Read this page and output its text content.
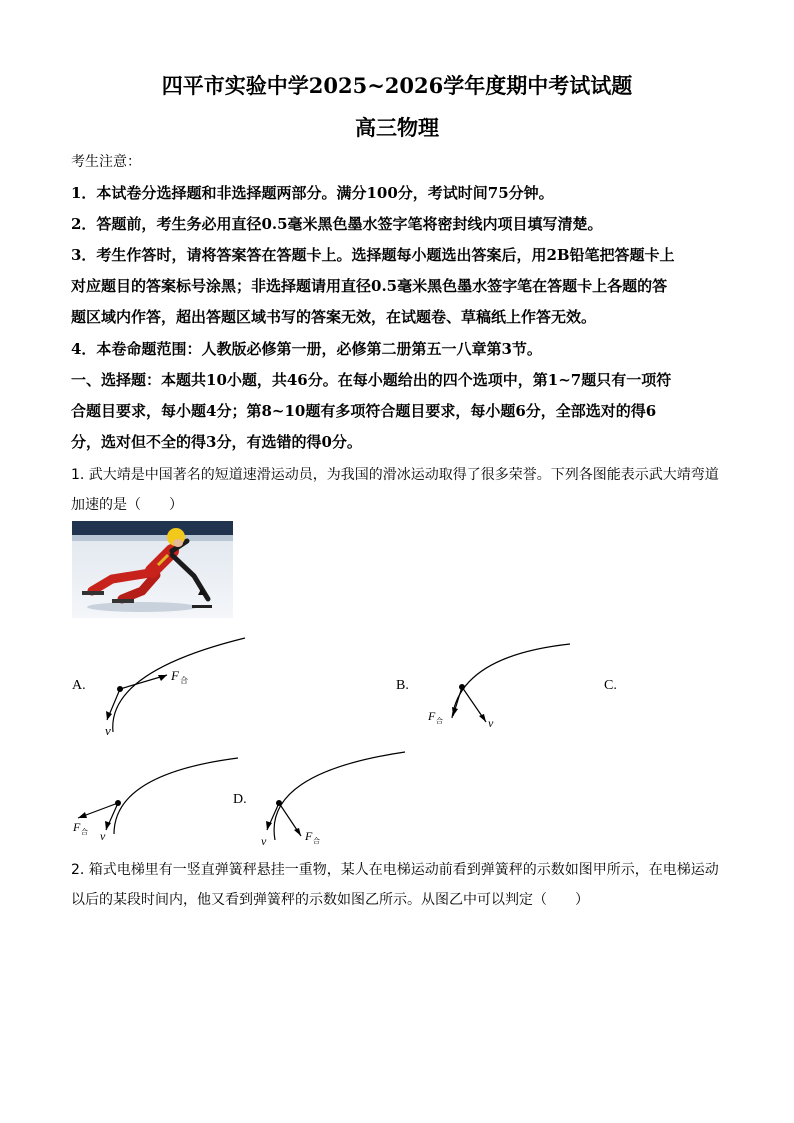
四平市实验中学2025~2026学年度期中考试试题
高三物理
考生注意：
1．本试卷分选择题和非选择题两部分。满分100分，考试时间75分钟。
2．答题前，考生务必用直径0.5毫米黑色墨水签字笔将密封线内项目填写清楚。
3．考生作答时，请将答案答在答题卡上。选择题每小题选出答案后，用2B铅笔把答题卡上
对应题目的答案标号涂黑；非选择题请用直径0.5毫米黑色墨水签字笔在答题卡上各题的答
题区域内作答，超出答题区域书写的答案无效，在试题卷、草稿纸上作答无效。
4．本卷命题范围：人教版必修第一册，必修第二册第五一八章第3节。
一、选择题：本题共10小题，共46分。在每小题给出的四个选项中，第1~7题只有一项符
合题目要求，每小题4分；第8~10题有多项符合题目要求，每小题6分，全部选对的得6
分，选对但不全的得3分，有选错的得0分。
1. 武大靖是中国著名的短道速滑运动员，为我国的滑冰运动取得了很多荣誉。下列各图能表示武大靖弯道
加速的是（　　）
A.
F 合
v
B.
F 合	v
C.
F 合 v
D.
v	F 合
2. 箱式电梯里有一竖直弹簧秤悬挂一重物，某人在电梯运动前看到弹簧秤的示数如图甲所示，在电梯运动
以后的某段时间内，他又看到弹簧秤的示数如图乙所示。从图乙中可以判定（　　）
